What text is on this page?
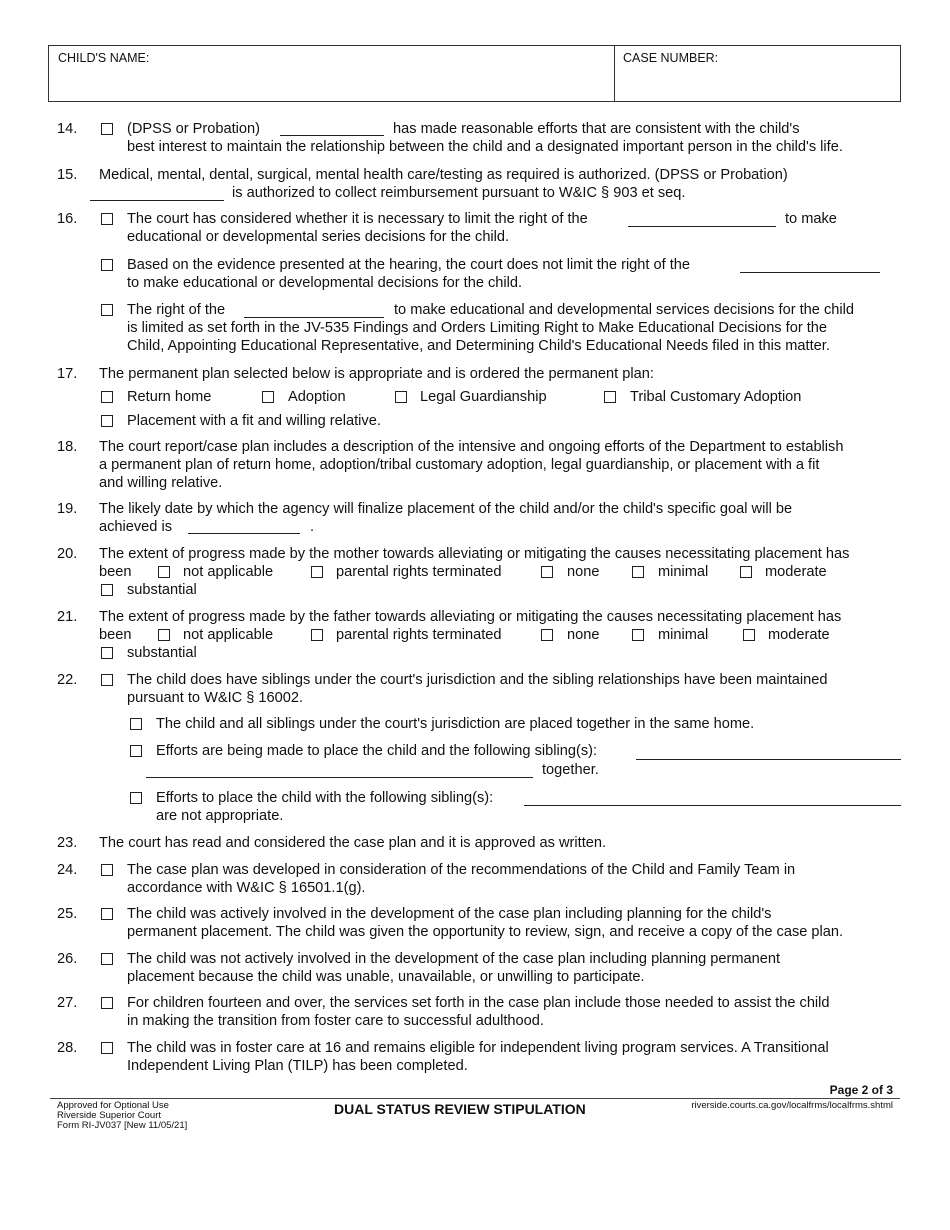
CHILD'S NAME:	CASE NUMBER:
14.	(DPSS or Probation)	has made reasonable efforts that are consistent with the child's
best interest to maintain the relationship between the child and a designated important person in the child's life.
15. Medical, mental, dental, surgical, mental health care/testing as required is authorized. (DPSS or Probation)
is authorized to collect reimbursement pursuant to W&IC § 903 et seq.
16.	The court has considered whether it is necessary to limit the right of the	to make
educational or developmental series decisions for the child.
Based on the evidence presented at the hearing, the court does not limit the right of the
to make educational or developmental decisions for the child.
The right of the	to make educational and developmental services decisions for the child
is limited as set forth in the JV-535 Findings and Orders Limiting Right to Make Educational Decisions for the
Child, Appointing Educational Representative, and Determining Child's Educational Needs filed in this matter.
17. The permanent plan selected below is appropriate and is ordered the permanent plan:
Return home	Adoption	Legal Guardianship	Tribal Customary Adoption
Placement with a fit and willing relative.
18. The court report/case plan includes a description of the intensive and ongoing efforts of the Department to establish
a permanent plan of return home, adoption/tribal customary adoption, legal guardianship, or placement with a fit
and willing relative.
19. The likely date by which the agency will finalize placement of the child and/or the child's specific goal will be
achieved is	.
20. The extent of progress made by the mother towards alleviating or mitigating the causes necessitating placement has
been	not applicable	parental rights terminated	none	minimal	moderate
substantial
21. The extent of progress made by the father towards alleviating or mitigating the causes necessitating placement has
been	not applicable	parental rights terminated	none	minimal	moderate
substantial
22.	The child does have siblings under the court's jurisdiction and the sibling relationships have been maintained
pursuant to W&IC § 16002.
The child and all siblings under the court's jurisdiction are placed together in the same home.
Efforts are being made to place the child and the following sibling(s):
together.
Efforts to place the child with the following sibling(s):
are not appropriate.
23. The court has read and considered the case plan and it is approved as written.
24.	The case plan was developed in consideration of the recommendations of the Child and Family Team in
accordance with W&IC § 16501.1(g).
25.	The child was actively involved in the development of the case plan including planning for the child's
permanent placement. The child was given the opportunity to review, sign, and receive a copy of the case plan.
26.	The child was not actively involved in the development of the case plan including planning permanent
placement because the child was unable, unavailable, or unwilling to participate.
27.	For children fourteen and over, the services set forth in the case plan include those needed to assist the child
in making the transition from foster care to successful adulthood.
28.	The child was in foster care at 16 and remains eligible for independent living program services. A Transitional
Independent Living Plan (TILP) has been completed.
Page 2 of 3
Approved for Optional Use
Riverside Superior Court
Form RI-JV037 [New 11/05/21]
DUAL STATUS REVIEW STIPULATION	riverside.courts.ca.gov/localfrms/localfrms.shtml
